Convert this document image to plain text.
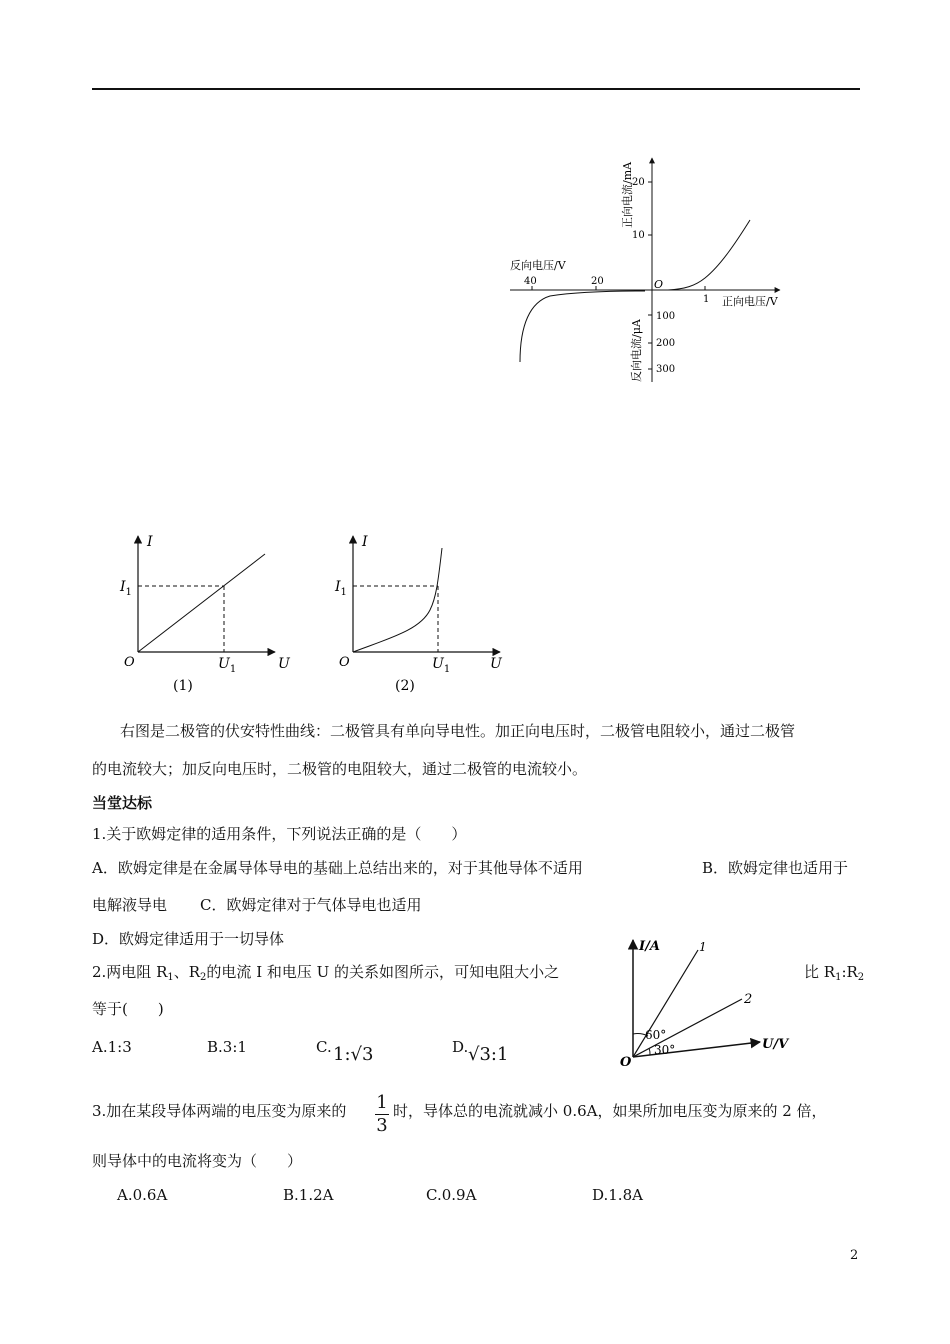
反向电压/V
正向电压/V
正向电流/mA
反向电流/μA
O
40	20
1
20
10
100
200
300
I
U
O
$I_1$
$U_1$
(1)
I
U
O
$I_1$
$U_1$
(2)
右图是二极管的伏安特性曲线：二极管具有单向导电性。加正向电压时，二极管电阻较小，通过二极管
的电流较大；加反向电压时，二极管的电阻较大，通过二极管的电流较小。
当堂达标
1.关于欧姆定律的适用条件，下列说法正确的是（　　）
A．欧姆定律是在金属导体导电的基础上总结出来的，对于其他导体不适用	B．欧姆定律也适用于
电解液导电 C．欧姆定律对于气体导电也适用
D．欧姆定律适用于一切导体
2.两电阻 $R_1$、$R_2$的电流 I 和电压 U 的关系如图所示，可知电阻大小之	比 $R_1:R_2$
等于(　　)
A.1:3	B.3:1	C. 1:√3	D. √3:1
I/A
U/V
O
1
2
60°
30°
3.加在某段导体两端的电压变为原来的 1
3
时，导体总的电流就减小 0.6A，如果所加电压变为原来的 2 倍，
则导体中的电流将变为（　　）
A.0.6A	B.1.2A	C.0.9A	D.1.8A
2
